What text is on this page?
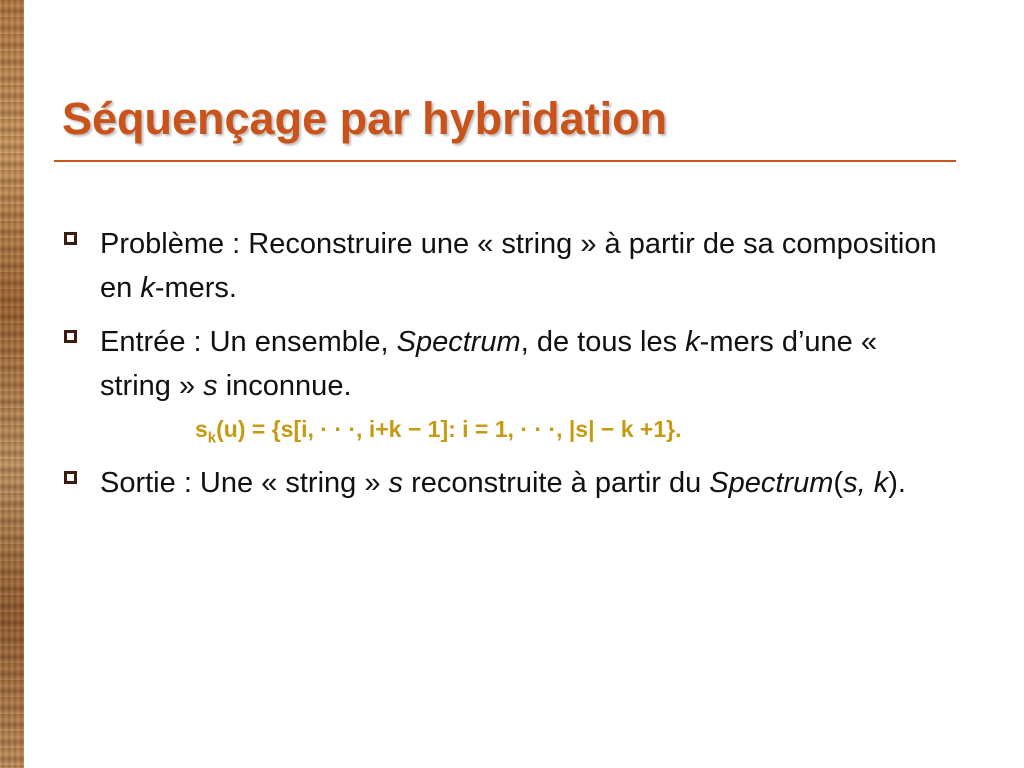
Séquençage par hybridation
Problème : Reconstruire une « string » à partir de sa composition en k-mers.
Entrée : Un ensemble, Spectrum, de tous les k-mers d’une « string » s inconnue.
$s_k(u) = \{s[i$, · · ·, i+k − 1]: i = 1, · · ·, |s| − k +1}.
Sortie : Une « string » s reconstruite à partir du Spectrum(s, k).
